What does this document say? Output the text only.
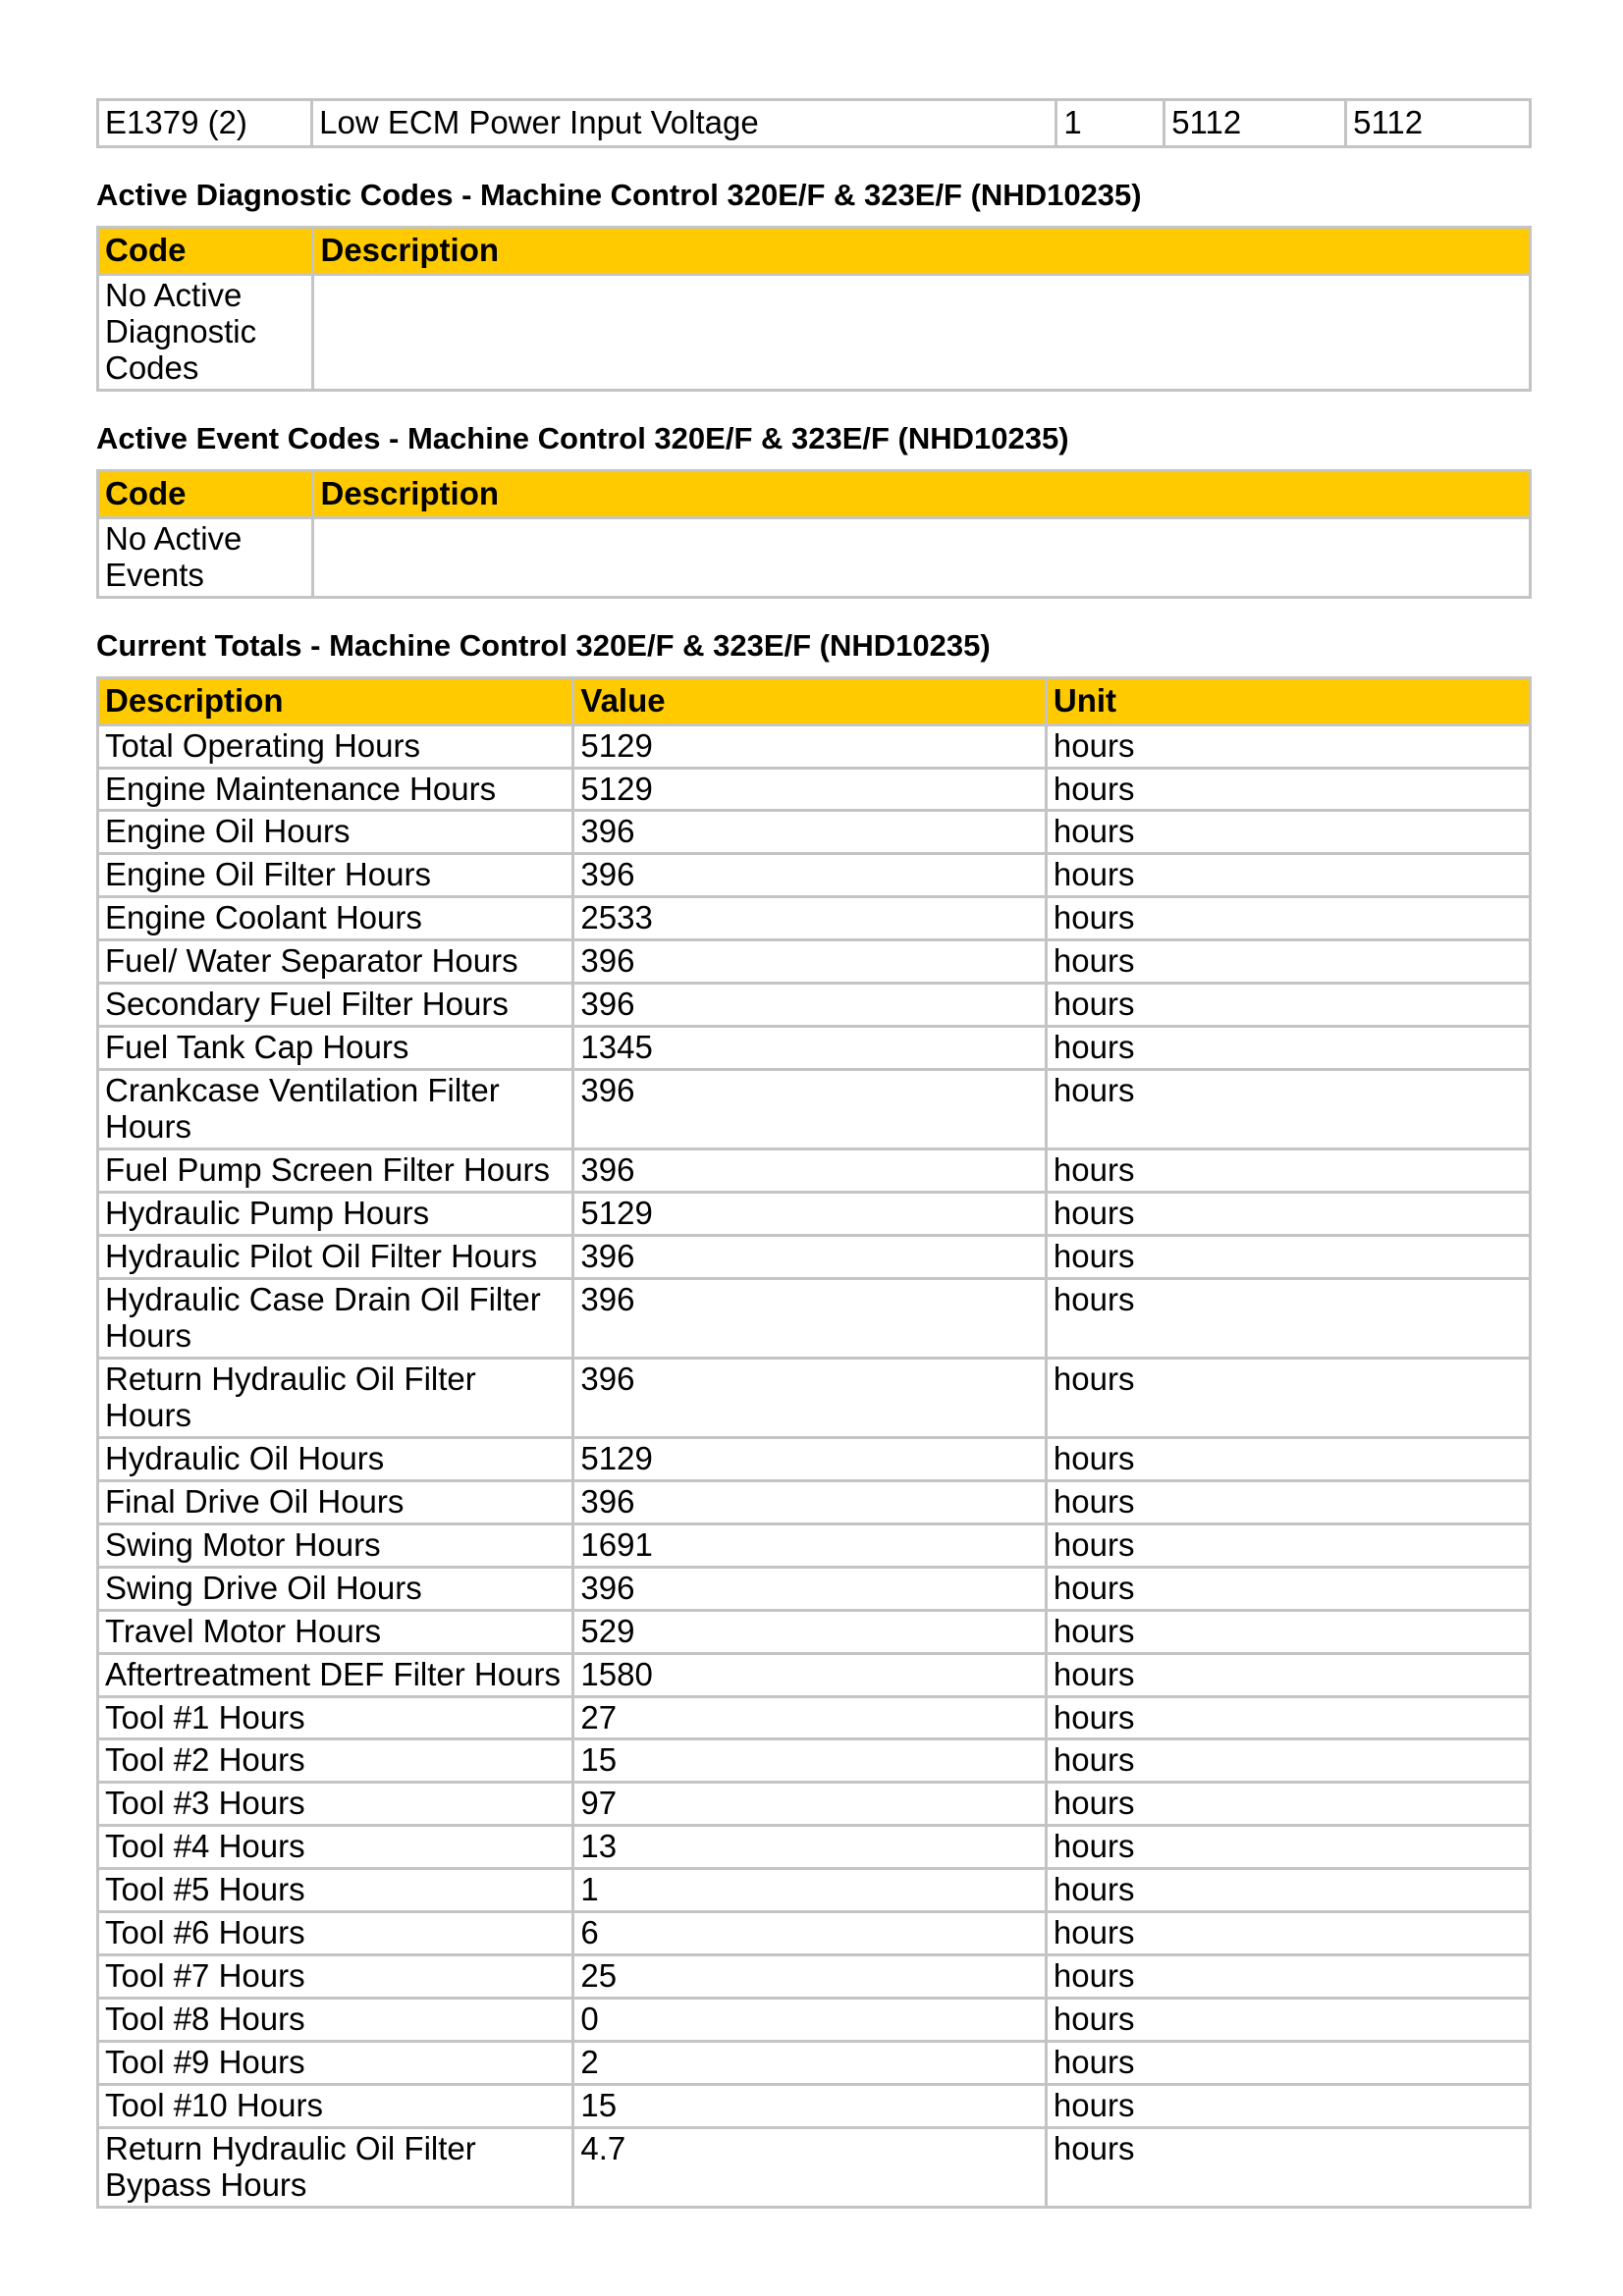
E1379 (2)	Low ECM Power Input Voltage	1	5112	5112
Active Diagnostic Codes - Machine Control 320E/F & 323E/F (NHD10235)
Code	Description
No Active Diagnostic Codes	
Active Event Codes - Machine Control 320E/F & 323E/F (NHD10235)
Code	Description
No Active Events	
Current Totals - Machine Control 320E/F & 323E/F (NHD10235)
Description	Value	Unit
Total Operating Hours	5129	hours
Engine Maintenance Hours	5129	hours
Engine Oil Hours	396	hours
Engine Oil Filter Hours	396	hours
Engine Coolant Hours	2533	hours
Fuel/ Water Separator Hours	396	hours
Secondary Fuel Filter Hours	396	hours
Fuel Tank Cap Hours	1345	hours
Crankcase Ventilation Filter Hours	396	hours
Fuel Pump Screen Filter Hours	396	hours
Hydraulic Pump Hours	5129	hours
Hydraulic Pilot Oil Filter Hours	396	hours
Hydraulic Case Drain Oil Filter Hours	396	hours
Return Hydraulic Oil Filter Hours	396	hours
Hydraulic Oil Hours	5129	hours
Final Drive Oil Hours	396	hours
Swing Motor Hours	1691	hours
Swing Drive Oil Hours	396	hours
Travel Motor Hours	529	hours
Aftertreatment DEF Filter Hours	1580	hours
Tool #1 Hours	27	hours
Tool #2 Hours	15	hours
Tool #3 Hours	97	hours
Tool #4 Hours	13	hours
Tool #5 Hours	1	hours
Tool #6 Hours	6	hours
Tool #7 Hours	25	hours
Tool #8 Hours	0	hours
Tool #9 Hours	2	hours
Tool #10 Hours	15	hours
Return Hydraulic Oil Filter Bypass Hours	4.7	hours
